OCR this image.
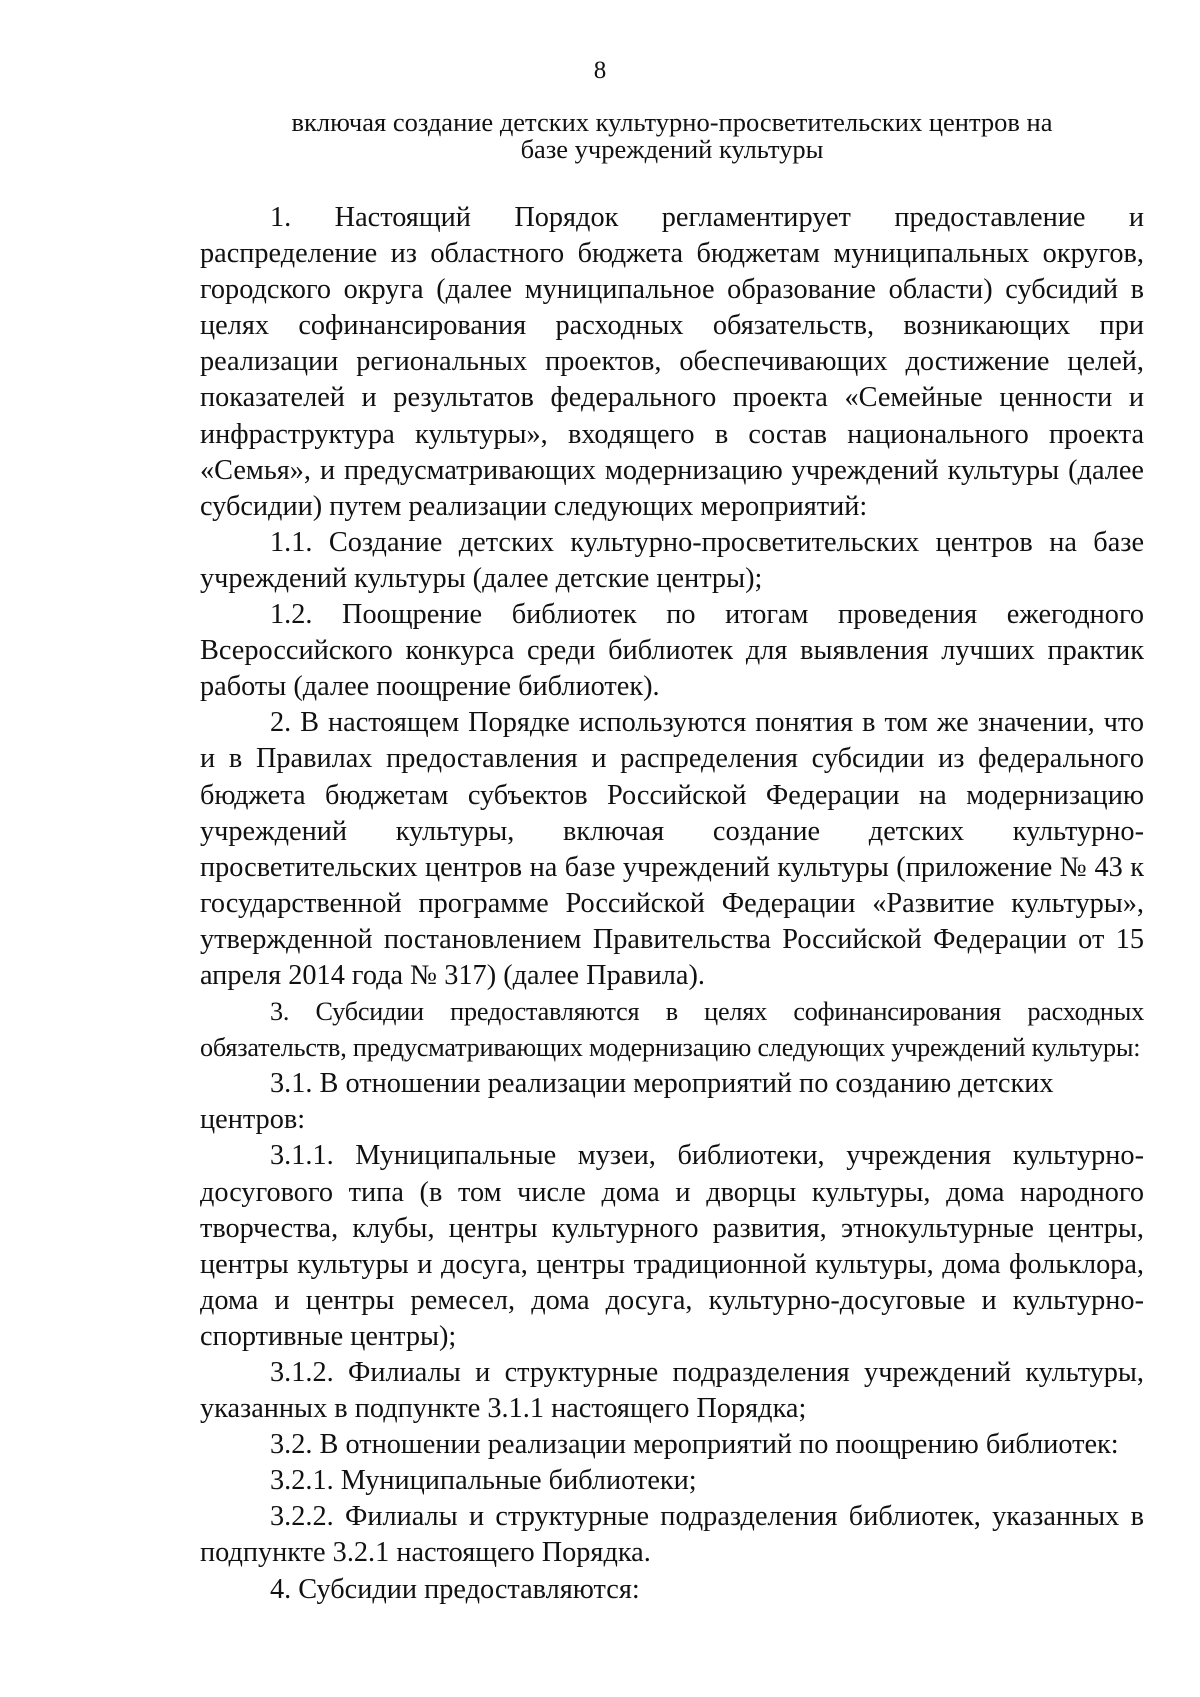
8
включая создание детских культурно-просветительских центров на
базе учреждений культуры

1. Настоящий Порядок регламентирует предоставление и распределение из областного бюджета бюджетам муниципальных округов, городского округа (далее муниципальное образование области) субсидий в целях софинансирования расходных обязательств, возникающих при реализации региональных проектов, обеспечивающих достижение целей, показателей и результатов федерального проекта «Семейные ценности и инфраструктура культуры», входящего в состав национального проекта «Семья», и предусматривающих модернизацию учреждений культуры (далее субсидии) путем реализации следующих мероприятий:

1.1. Создание детских культурно-просветительских центров на базе учреждений культуры (далее детские центры);

1.2. Поощрение библиотек по итогам проведения ежегодного Всероссийского конкурса среди библиотек для выявления лучших практик работы (далее поощрение библиотек).

2. В настоящем Порядке используются понятия в том же значении, что и в Правилах предоставления и распределения субсидии из федерального бюджета бюджетам субъектов Российской Федерации на модернизацию учреждений культуры, включая создание детских культурно-просветительских центров на базе учреждений культуры (приложение № 43 к государственной программе Российской Федерации «Развитие культуры», утвержденной постановлением Правительства Российской Федерации от 15 апреля 2014 года № 317) (далее Правила).

3. Субсидии предоставляются в целях софинансирования расходных обязательств, предусматривающих модернизацию следующих учреждений культуры:

3.1. В отношении реализации мероприятий по созданию детских центров:

3.1.1. Муниципальные музеи, библиотеки, учреждения культурно-досугового типа (в том числе дома и дворцы культуры, дома народного творчества, клубы, центры культурного развития, этнокультурные центры, центры культуры и досуга, центры традиционной культуры, дома фольклора, дома и центры ремесел, дома досуга, культурно-досуговые и культурно-спортивные центры);

3.1.2. Филиалы и структурные подразделения учреждений культуры, указанных в подпункте 3.1.1 настоящего Порядка;

3.2. В отношении реализации мероприятий по поощрению библиотек:

3.2.1. Муниципальные библиотеки;

3.2.2. Филиалы и структурные подразделения библиотек, указанных в подпункте 3.2.1 настоящего Порядка.

4. Субсидии предоставляются:
